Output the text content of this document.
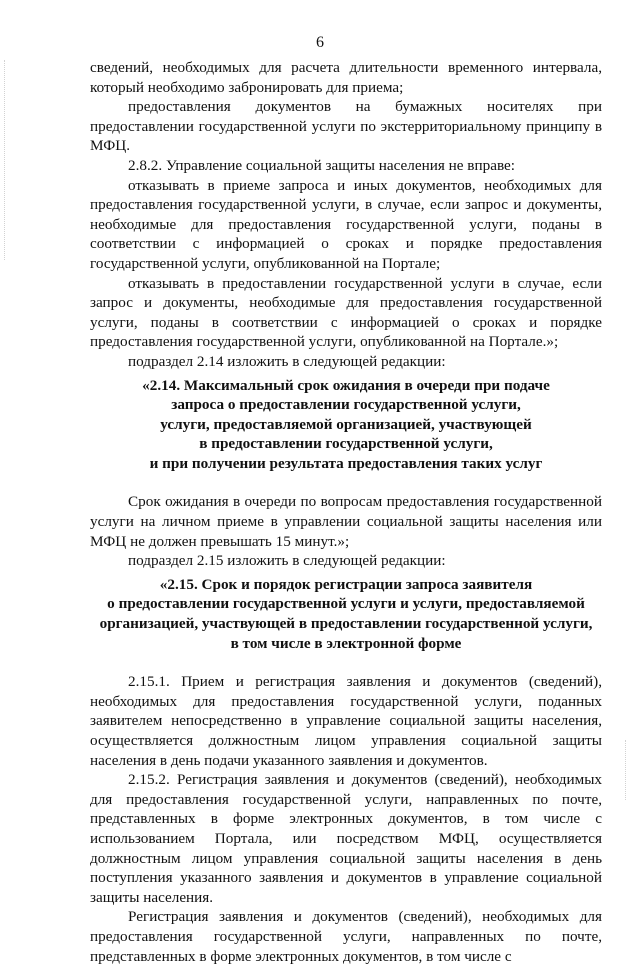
6

сведений, необходимых для расчета длительности временного интервала, который необходимо забронировать для приема;

предоставления документов на бумажных носителях при предоставлении государственной услуги по экстерриториальному принципу в МФЦ.

2.8.2. Управление социальной защиты населения не вправе:

отказывать в приеме запроса и иных документов, необходимых для предоставления государственной услуги, в случае, если запрос и документы, необходимые для предоставления государственной услуги, поданы в соответствии с информацией о сроках и порядке предоставления государственной услуги, опубликованной на Портале;

отказывать в предоставлении государственной услуги в случае, если запрос и документы, необходимые для предоставления государственной услуги, поданы в соответствии с информацией о сроках и порядке предоставления государственной услуги, опубликованной на Портале.»;

подраздел 2.14 изложить в следующей редакции:

«2.14. Максимальный срок ожидания в очереди при подаче
запроса о предоставлении государственной услуги,
услуги, предоставляемой организацией, участвующей
в предоставлении государственной услуги,
и при получении результата предоставления таких услуг

Срок ожидания в очереди по вопросам предоставления государственной услуги на личном приеме в управлении социальной защиты населения или МФЦ не должен превышать 15 минут.»;

подраздел 2.15 изложить в следующей редакции:

«2.15. Срок и порядок регистрации запроса заявителя
о предоставлении государственной услуги и услуги, предоставляемой
организацией, участвующей в предоставлении государственной услуги,
в том числе в электронной форме

2.15.1. Прием и регистрация заявления и документов (сведений), необходимых для предоставления государственной услуги, поданных заявителем непосредственно в управление социальной защиты населения, осуществляется должностным лицом управления социальной защиты населения в день подачи указанного заявления и документов.

2.15.2. Регистрация заявления и документов (сведений), необходимых для предоставления государственной услуги, направленных по почте, представленных в форме электронных документов, в том числе с использованием Портала, или посредством МФЦ, осуществляется должностным лицом управления социальной защиты населения в день поступления указанного заявления и документов в управление социальной защиты населения.

Регистрация заявления и документов (сведений), необходимых для предоставления государственной услуги, направленных по почте, представленных в форме электронных документов, в том числе с
